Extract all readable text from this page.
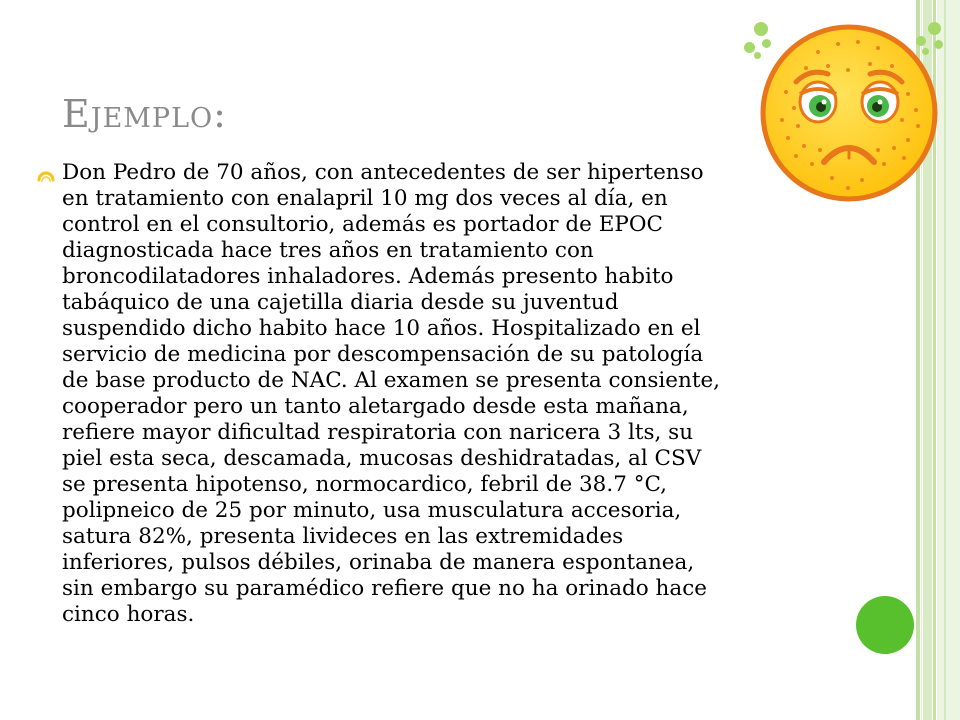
Ejemplo:

Don Pedro de 70 años, con antecedentes de ser hipertenso
en tratamiento con enalapril 10 mg dos veces al día, en
control en el consultorio, además es portador de EPOC
diagnosticada hace tres años en tratamiento con
broncodilatadores inhaladores. Además presento habito
tabáquico de una cajetilla diaria desde su juventud
suspendido dicho habito hace 10 años. Hospitalizado en el
servicio de medicina por descompensación de su patología
de base producto de NAC. Al examen se presenta consiente,
cooperador pero un tanto aletargado desde esta mañana,
refiere mayor dificultad respiratoria con naricera 3 lts, su
piel esta seca, descamada, mucosas deshidratadas, al CSV
se presenta hipotenso, normocardico, febril de 38.7 °C,
polipneico de 25 por minuto, usa musculatura accesoria,
satura 82%, presenta livideces en las extremidades
inferiores, pulsos débiles, orinaba de manera espontanea,
sin embargo su paramédico refiere que no ha orinado hace
cinco horas.
